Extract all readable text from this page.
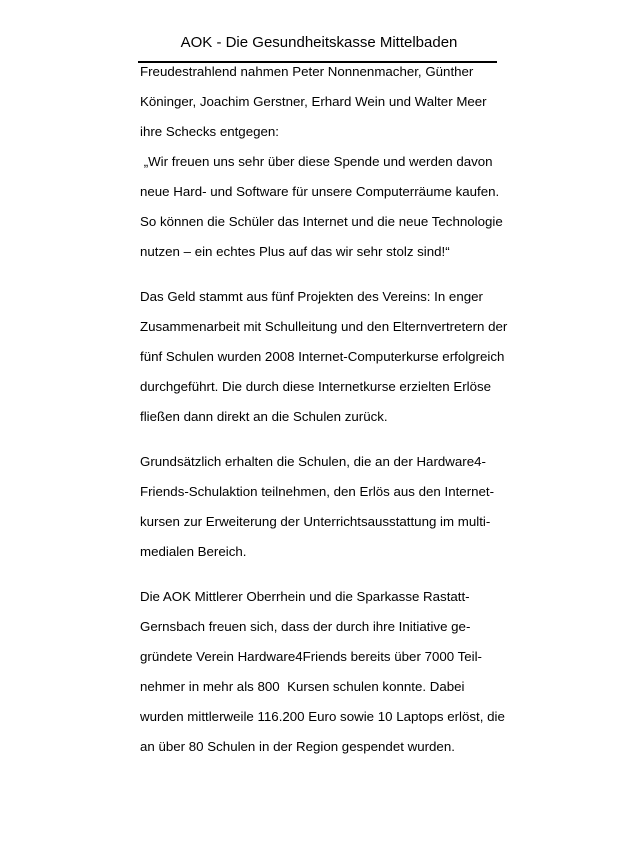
AOK - Die Gesundheitskasse Mittelbaden
Freudestrahlend nahmen Peter Nonnenmacher, Günther
Köninger, Joachim Gerstner, Erhard Wein und Walter Meer
ihre Schecks entgegen:
„Wir freuen uns sehr über diese Spende und werden davon
neue Hard- und Software für unsere Computerräume kaufen.
So können die Schüler das Internet und die neue Technologie
nutzen – ein echtes Plus auf das wir sehr stolz sind!“
Das Geld stammt aus fünf Projekten des Vereins: In enger
Zusammenarbeit mit Schulleitung und den Elternvertretern der
fünf Schulen wurden 2008 Internet-Computerkurse erfolgreich
durchgeführt. Die durch diese Internetkurse erzielten Erlöse
fließen dann direkt an die Schulen zurück.
Grundsätzlich erhalten die Schulen, die an der Hardware4-
Friends-Schulaktion teilnehmen, den Erlös aus den Internet-
kursen zur Erweiterung der Unterrichtsausstattung im multi-
medialen Bereich.
Die AOK Mittlerer Oberrhein und die Sparkasse Rastatt-
Gernsbach freuen sich, dass der durch ihre Initiative ge-
gründete Verein Hardware4Friends bereits über 7000 Teil-
nehmer in mehr als 800  Kursen schulen konnte. Dabei
wurden mittlerweile 116.200 Euro sowie 10 Laptops erlöst, die
an über 80 Schulen in der Region gespendet wurden.
